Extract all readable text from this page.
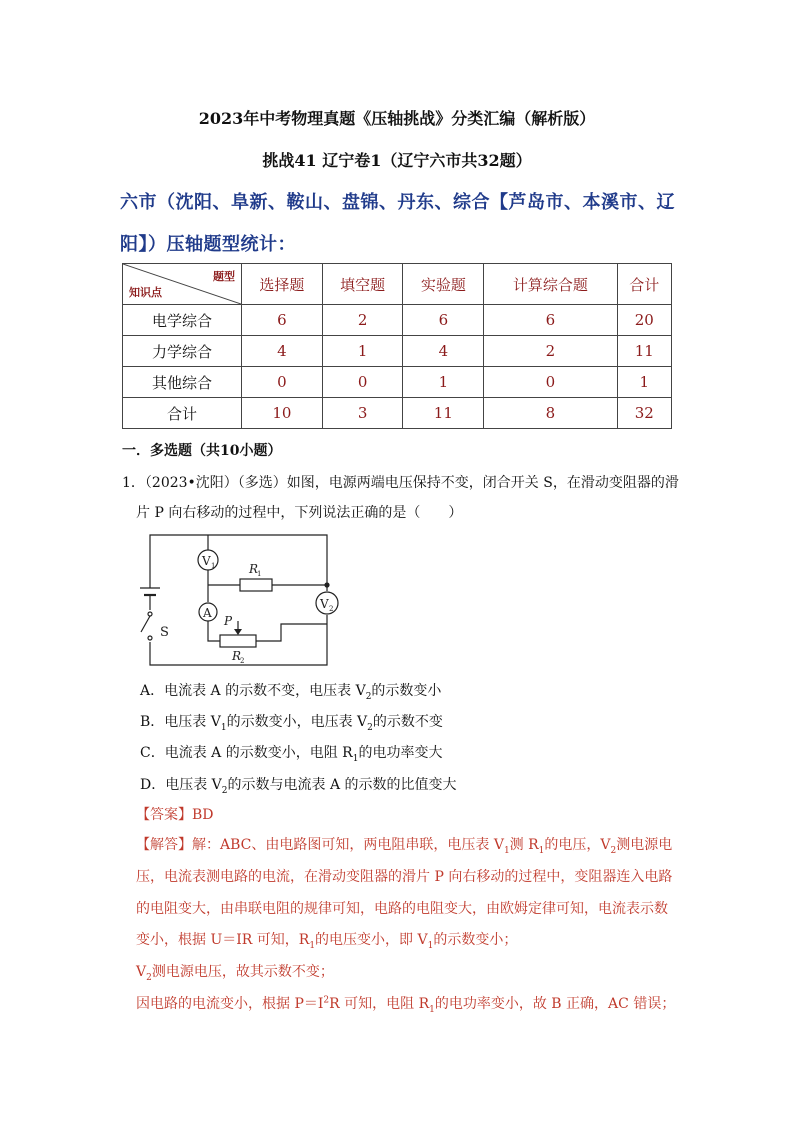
2023年中考物理真题《压轴挑战》分类汇编（解析版）
挑战41 辽宁卷1（辽宁六市共32题）
六市（沈阳、阜新、鞍山、盘锦、丹东、综合【芦岛市、本溪市、辽
阳】）压轴题型统计：
题型
知识点	选择题	填空题	实验题	计算综合题	合计
电学综合	6	2	6	6	20
力学综合	4	1	4	2	11
其他综合	0	0	1	0	1
合计	10	3	11	8	32
一．多选题（共10小题）
1．（2023•沈阳）（多选）如图，电源两端电压保持不变，闭合开关 S，在滑动变阻器的滑
片 P 向右移动的过程中，下列说法正确的是（　　）
S
V 1	R
1
V 2
A
P
R
2
A．电流表 A 的示数不变，电压表 $V_2$的示数变小
B．电压表 $V_1$的示数变小，电压表 $V_2$的示数不变
C．电流表 A 的示数变小，电阻 $R_1$的电功率变大
D．电压表 $V_2$的示数与电流表 A 的示数的比值变大
【答案】BD
【解答】解：ABC、由电路图可知，两电阻串联，电压表 $V_1$测 $R_1$的电压，$V_2$测电源电
压，电流表测电路的电流，在滑动变阻器的滑片 P 向右移动的过程中，变阻器连入电路
的电阻变大，由串联电阻的规律可知，电路的电阻变大，由欧姆定律可知，电流表示数
变小，根据 U＝IR 可知，$R_1$的电压变小，即 $V_1$的示数变小；
$V_2$测电源电压，故其示数不变；
因电路的电流变小，根据 $P=I^2R$ 可知，电阻 $R_1$的电功率变小，故 B 正确，AC 错误；
